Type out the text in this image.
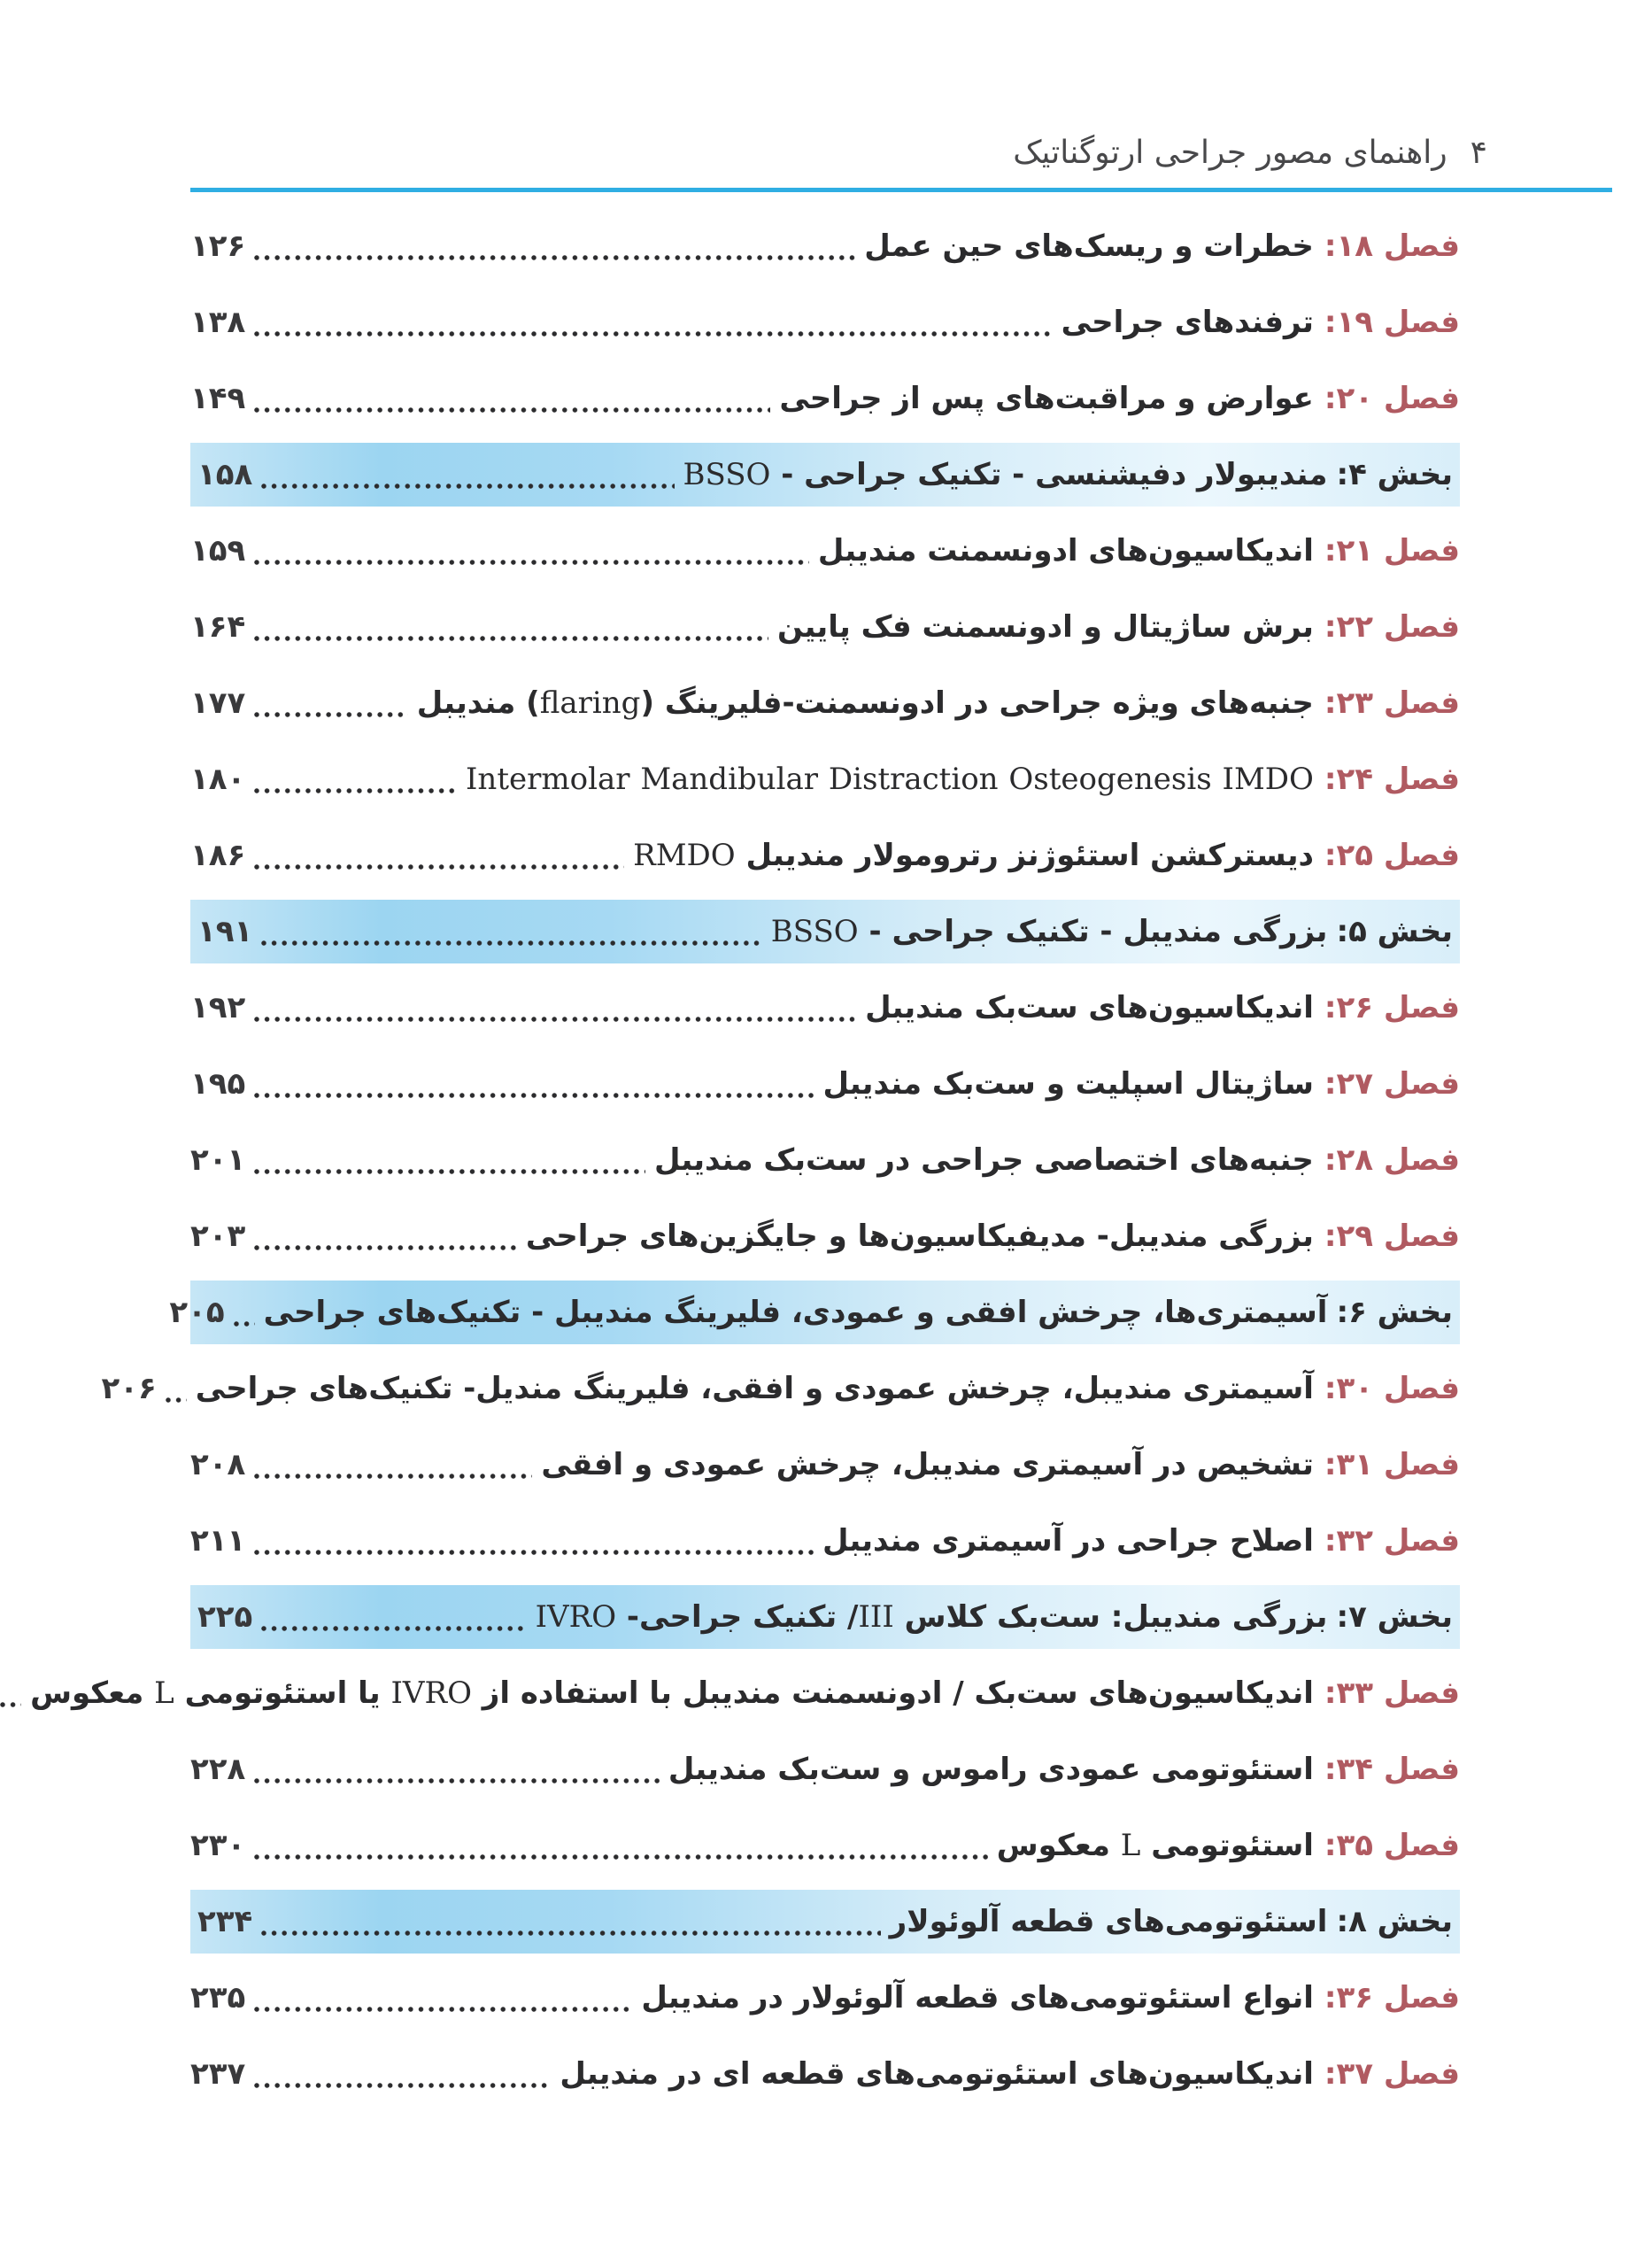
۴
راهنمای مصور جراحی ارتوگناتیک
فصل ۱۸:
خطرات و ریسک‌های حین عمل
۱۲۶
فصل ۱۹:
ترفندهای جراحی
۱۳۸
فصل ۲۰:
عوارض و مراقبت‌های پس از جراحی
۱۴۹
بخش ۴:
مندیبولار دفیشنسی - تکنیک جراحی - BSSO
۱۵۸
فصل ۲۱:
اندیکاسیون‌های ادونسمنت مندیبل
۱۵۹
فصل ۲۲:
برش ساژیتال و ادونسمنت فک پایین
۱۶۴
فصل ۲۳:
جنبه‌های ویژه جراحی در ادونسمنت-فلیرینگ (flaring) مندیبل
۱۷۷
فصل ۲۴:
Intermolar Mandibular Distraction Osteogenesis IMDO
۱۸۰
فصل ۲۵:
دیسترکشن استئوژنز رترومولار مندیبل RMDO
۱۸۶
بخش ۵:
بزرگی مندیبل - تکنیک جراحی - BSSO
۱۹۱
فصل ۲۶:
اندیکاسیون‌های ست‌بک مندیبل
۱۹۲
فصل ۲۷:
ساژیتال اسپلیت و ست‌بک مندیبل
۱۹۵
فصل ۲۸:
جنبه‌های اختصاصی جراحی در ست‌بک مندیبل
۲۰۱
فصل ۲۹:
بزرگی مندیبل- مدیفیکاسیون‌ها و جایگزین‌های جراحی
۲۰۳
بخش ۶:
آسیمتری‌ها، چرخش افقی و عمودی، فلیرینگ مندیبل - تکنیک‌های جراحی
۲۰۵
فصل ۳۰:
آسیمتری مندیبل، چرخش عمودی و افقی، فلیرینگ مندیل- تکنیک‌های جراحی
۲۰۶
فصل ۳۱:
تشخیص در آسیمتری مندیبل، چرخش عمودی و افقی
۲۰۸
فصل ۳۲:
اصلاح جراحی در آسیمتری مندیبل
۲۱۱
بخش ۷:
بزرگی مندیبل: ست‌بک کلاس III/ تکنیک جراحی- IVRO
۲۲۵
فصل ۳۳:
اندیکاسیون‌های ست‌بک / ادونسمنت مندیبل با استفاده از IVRO یا استئوتومی L معکوس
فصل ۳۴:
استئوتومی عمودی راموس و ست‌بک مندیبل
۲۲۸
فصل ۳۵:
استئوتومی L معکوس
۲۳۰
بخش ۸:
استئوتومی‌های قطعه آلوئولار
۲۳۴
فصل ۳۶:
انواع استئوتومی‌های قطعه آلوئولار در مندیبل
۲۳۵
فصل ۳۷:
اندیکاسیون‌های استئوتومی‌های قطعه ای در مندیبل
۲۳۷
